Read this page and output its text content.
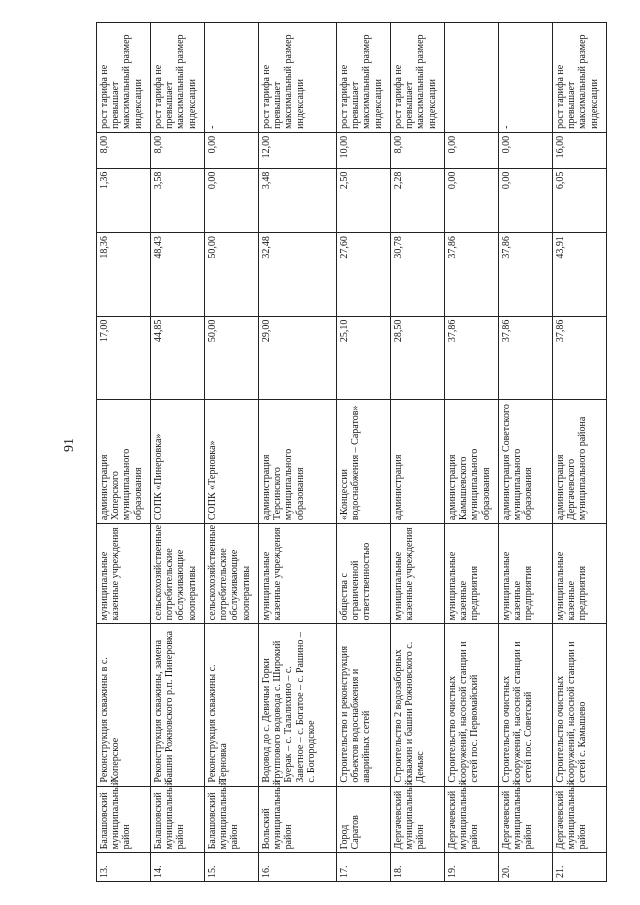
91
13.	Балашовский муниципальный район	Реконструкция скважины в с. Хоперское	муниципальные казенные учреждения	администрация Хоперского муниципального образования	17,00	18,36	1,36	8,00	рост тарифа не превышает максимальный размер индексации
14.	Балашовский муниципальный район	Реконструкция скважины, замена башни Рожновского р.п. Пинеровка	сельскохозяйственные потребительские обслуживающие кооперативы	СОПК «Пинеровка»	44,85	48,43	3,58	8,00	рост тарифа не превышает максимальный размер индексации
15.	Балашовский муниципальный район	Реконструкция скважины с. Терновка	сельскохозяйственные потребительские обслуживающие кооперативы	СОПК «Терновка»	50,00	50,00	0,00	0,00	-
16.	Вольский муниципальный район	Водовод до с. Девичьи Горки группового водовода с. Широкий Буерак – с. Талалихино – с. Заветное – с. Богатое – с. Рашино – с. Богородское	муниципальные казенные учреждения	администрация Терсинского муниципального образования	29,00	32,48	3,48	12,00	рост тарифа не превышает максимальный размер индексации
17.	Город Саратов	Строительство и реконструкция объектов водоснабжения и аварийных сетей	общества с ограниченной ответственностью	«Концессии водоснабжения – Саратов»	25,10	27,60	2,50	10,00	рост тарифа не превышает максимальный размер индексации
18.	Дергачевский муниципальный район	Строительство 2 водозаборных скважин и башни Рожновского с. Демьяс	муниципальные казенные учреждения	администрация	28,50	30,78	2,28	8,00	рост тарифа не превышает максимальный размер индексации
19.	Дергачевский муниципальный район	Строительство очистных сооружений, насосной станции и сетей пос. Первомайский	муниципальные казенные предприятия	администрация Камышевского муниципального образования	37,86	37,86	0,00	0,00	
20.	Дергачевский муниципальный район	Строительство очистных сооружений, насосной станции и сетей пос. Советский	муниципальные казенные предприятия	администрация Советского муниципального образования	37,86	37,86	0,00	0,00	-
21.	Дергачевский муниципальный район	Строительство очистных сооружений, насосной станции и сетей с. Камышево	муниципальные казенные предприятия	администрация Дергачевского муниципального района	37,86	43,91	6,05	16,00	рост тарифа не превышает максимальный размер индексации
